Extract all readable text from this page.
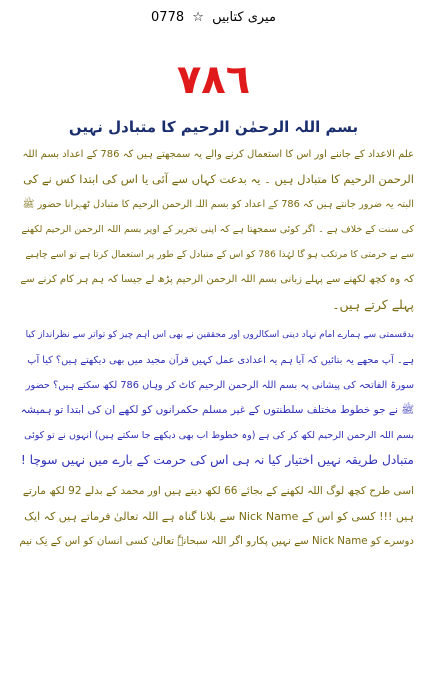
میری کتابیں ☆ 0778
٧٨٦
بسم اللہ الرحمٰن الرحیم کا متبادل نہیں
علم الاعداد کے جاننے اور اس کا استعمال کرنے والے یہ سمجھتے ہیں کہ 786 کے اعداد بسم اللہ
الرحمن الرحیم کا متبادل ہیں ۔ یہ بدعت کہاں سے آئی یا اس کی ابتدا کس نے کی
البتہ یہ ضرور جانتے ہیں کہ 786 کے اعداد کو بسم اللہ الرحمن الرحیم کا متبادل ٹھہرانا حضور ﷺ
کی سنت کے خلاف ہے ۔ اگر کوئی سمجھتا ہے کہ اپنی تحریر کے اوپر بسم اللہ الرحمن الرحیم لکھنے
سے بے حرمتی کا مرتکب ہو گا لہٰذا 786 کو اس کے متبادل کے طور پر استعمال کرتا ہے تو اسے چاہیے
کہ وہ کچھ لکھنے سے پہلے زبانی بسم اللہ الرحمن الرحیم پڑھ لے جیسا کہ ہم ہر کام کرنے سے
پہلے کرتے ہیں۔
بدقسمتی سے ہمارے امام نہاد دینی اسکالروں اور محققین نے بھی اس اہم چیز کو تواتر سے نظرانداز کیا
ہے۔ آپ مجھے یہ بتائیں کہ آیا ہم یہ اعدادی عمل کہیں قرآن مجید میں بھی دیکھتے ہیں؟ کیا آپ
سورۃ الفاتحہ کی پیشانی پہ بسم اللہ الرحمن الرحیم کاٹ کر وہاں 786 لکھ سکتے ہیں؟ حضور
ﷺ نے جو خطوط مختلف سلطنتوں کے غیر مسلم حکمرانوں کو لکھے ان کی ابتدا تو ہمیشہ
بسم اللہ الرحمن الرحیم لکھ کر کی ہے (وہ خطوط اب بھی دیکھے جا سکتے ہیں) انہوں نے تو کوئی
متبادل طریقہ نہیں اختیار کیا نہ ہی اس کی حرمت کے بارے میں نہیں سوچا !
اسی طرح کچھ لوگ اللہ لکھنے کے بجائے 66 لکھ دیتے ہیں اور محمد کے بدلے 92 لکھ مارتے
ہیں !!! کسی کو اس کے Nick Name سے بلانا گناہ ہے اللہ تعالیٰ فرماتے ہیں کہ ایک
دوسرے کو Nick Name سے نہیں پکارو اگر اللہ سبحانہٗ تعالیٰ کسی انسان کو اس کے نِک نیم
